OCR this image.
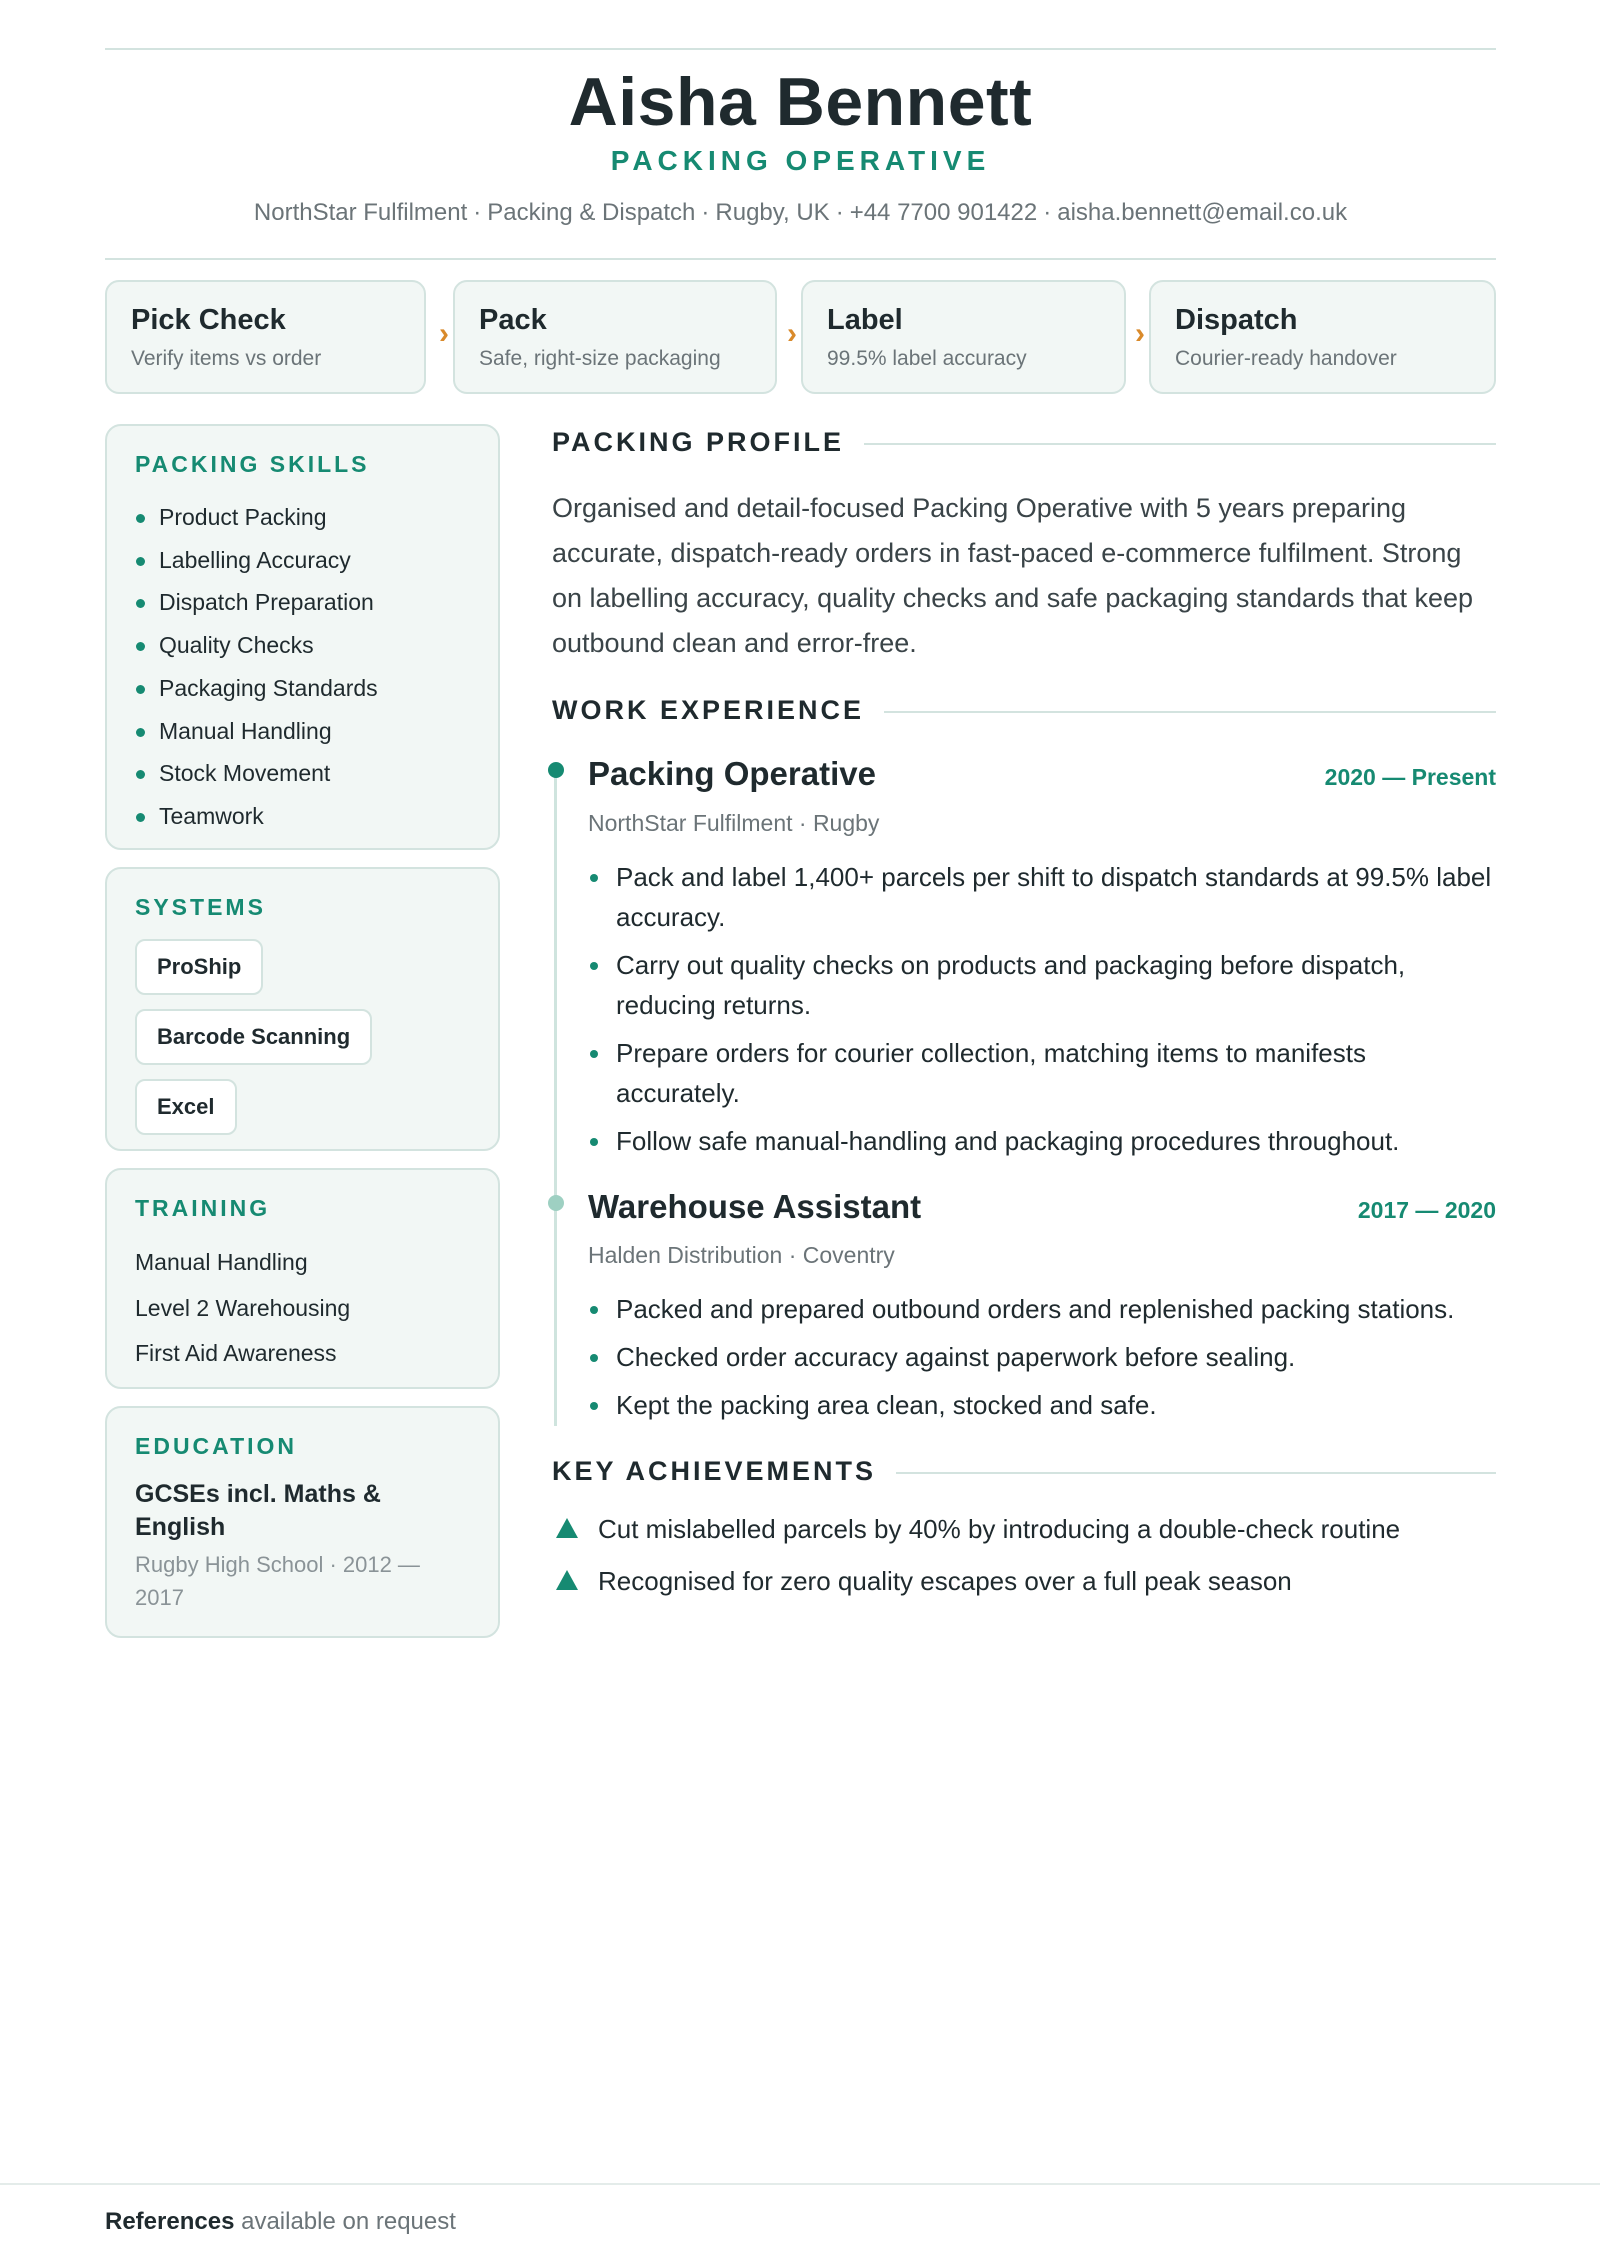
Aisha Bennett
PACKING OPERATIVE
NorthStar Fulfilment · Packing & Dispatch · Rugby, UK · +44 7700 901422 · aisha.bennett@email.co.uk
Pick Check
Verify items vs order
› Pack
Safe, right-size packaging
› Label
99.5% label accuracy
› Dispatch
Courier-ready handover
PACKING SKILLS
Product Packing
Labelling Accuracy
Dispatch Preparation
Quality Checks
Packaging Standards
Manual Handling
Stock Movement
Teamwork
SYSTEMS
ProShip
Barcode Scanning
Excel
TRAINING
Manual Handling
Level 2 Warehousing
First Aid Awareness
EDUCATION
GCSEs incl. Maths & English
Rugby High School · 2012 — 2017
PACKING PROFILE
Organised and detail-focused Packing Operative with 5 years preparing accurate, dispatch-ready orders in fast-paced e-commerce fulfilment. Strong on labelling accuracy, quality checks and safe packaging standards that keep outbound clean and error-free.
WORK EXPERIENCE
Packing Operative	2020 — Present
NorthStar Fulfilment · Rugby
Pack and label 1,400+ parcels per shift to dispatch standards at 99.5% label accuracy.
Carry out quality checks on products and packaging before dispatch, reducing returns.
Prepare orders for courier collection, matching items to manifests accurately.
Follow safe manual-handling and packaging procedures throughout.
Warehouse Assistant	2017 — 2020
Halden Distribution · Coventry
Packed and prepared outbound orders and replenished packing stations.
Checked order accuracy against paperwork before sealing.
Kept the packing area clean, stocked and safe.
KEY ACHIEVEMENTS
Cut mislabelled parcels by 40% by introducing a double-check routine
Recognised for zero quality escapes over a full peak season
References available on request
